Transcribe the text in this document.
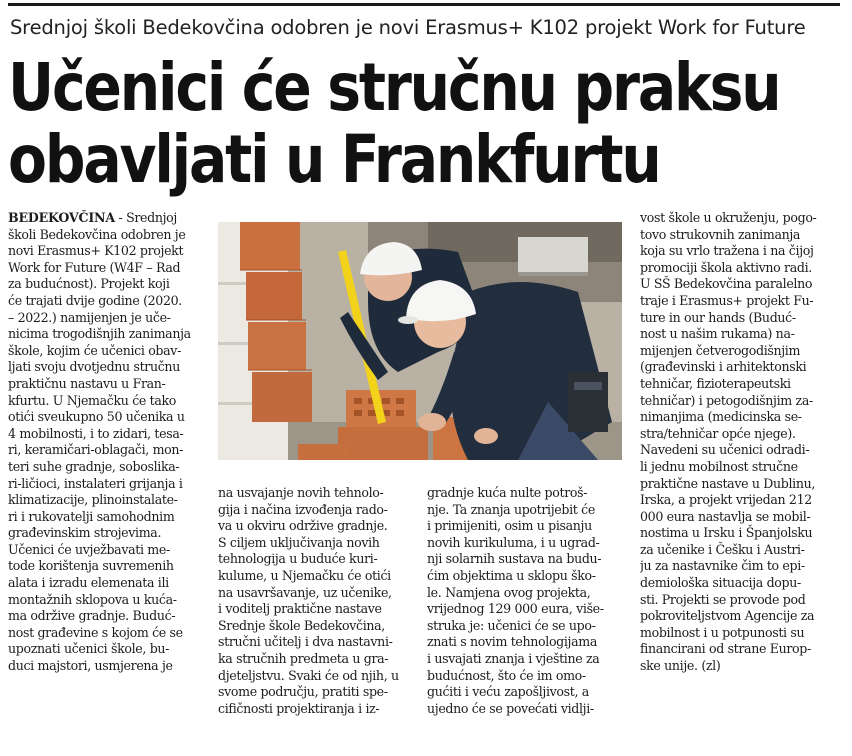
Srednjoj školi Bedekovčina odobren je novi Erasmus+ K102 projekt Work for Future
Učenici će stručnu praksu
obavljati u Frankfurtu
BEDEKOVČINA - Srednjoj
školi Bedekovčina odobren je
novi Erasmus+ K102 projekt
Work for Future (W4F – Rad
za budućnost). Projekt koji
će trajati dvije godine (2020.
– 2022.) namijenjen je uče-
nicima trogodišnjih zanimanja
škole, kojim će učenici obav-
ljati svoju dvotjednu stručnu
praktičnu nastavu u Fran-
kfurtu. U Njemačku će tako
otići sveukupno 50 učenika u
4 mobilnosti, i to zidari, tesa-
ri, keramičari-oblagači, mon-
teri suhe gradnje, soboslika-
ri-ličioci, instalateri grijanja i
klimatizacije, plinoinstalate-
ri i rukovatelji samohodnim
građevinskim strojevima.
Učenici će uvježbavati me-
tode korištenja suvremenih
alata i izradu elemenata ili
montažnih sklopova u kuća-
ma održive gradnje. Buduć-
nost građevine s kojom će se
upoznati učenici škole, bu-
duci majstori, usmjerena je
na usvajanje novih tehnolo-
gija i načina izvođenja rado-
va u okviru održive gradnje.
S ciljem uključivanja novih
tehnologija u buduće kuri-
kulume, u Njemačku će otići
na usavršavanje, uz učenike,
i voditelj praktične nastave
Srednje škole Bedekovčina,
stručni učitelj i dva nastavni-
ka stručnih predmeta u gra-
djeteljstvu. Svaki će od njih, u
svome području, pratiti spe-
cifičnosti projektiranja i iz-
gradnje kuća nulte potroš-
nje. Ta znanja upotrijebit će
i primijeniti, osim u pisanju
novih kurikuluma, i u ugrad-
nji solarnih sustava na budu-
ćim objektima u sklopu ško-
le. Namjena ovog projekta,
vrijednog 129 000 eura, više-
struka je: učenici će se upo-
znati s novim tehnologijama
i usvajati znanja i vještine za
budućnost, što će im omo-
gućiti i veću zapošljivost, a
ujedno će se povećati vidlji-
vost škole u okruženju, pogo-
tovo strukovnih zanimanja
koja su vrlo tražena i na čijoj
promociji škola aktivno radi.
U SŠ Bedekovčina paralelno
traje i Erasmus+ projekt Fu-
ture in our hands (Buduć-
nost u našim rukama) na-
mijenjen četverogodišnjim
(građevinski i arhitektonski
tehničar, fizioterapeutski
tehničar) i petogodišnjim za-
nimanjima (medicinska se-
stra/tehničar opće njege).
Navedeni su učenici odradi-
li jednu mobilnost stručne
praktične nastave u Dublinu,
Irska, a projekt vrijedan 212
000 eura nastavlja se mobil-
nostima u Irsku i Španjolsku
za učenike i Češku i Austri-
ju za nastavnike čim to epi-
demiološka situacija dopu-
sti. Projekti se provode pod
pokroviteljstvom Agencije za
mobilnost i u potpunosti su
financirani od strane Europ-
ske unije. (zl)
